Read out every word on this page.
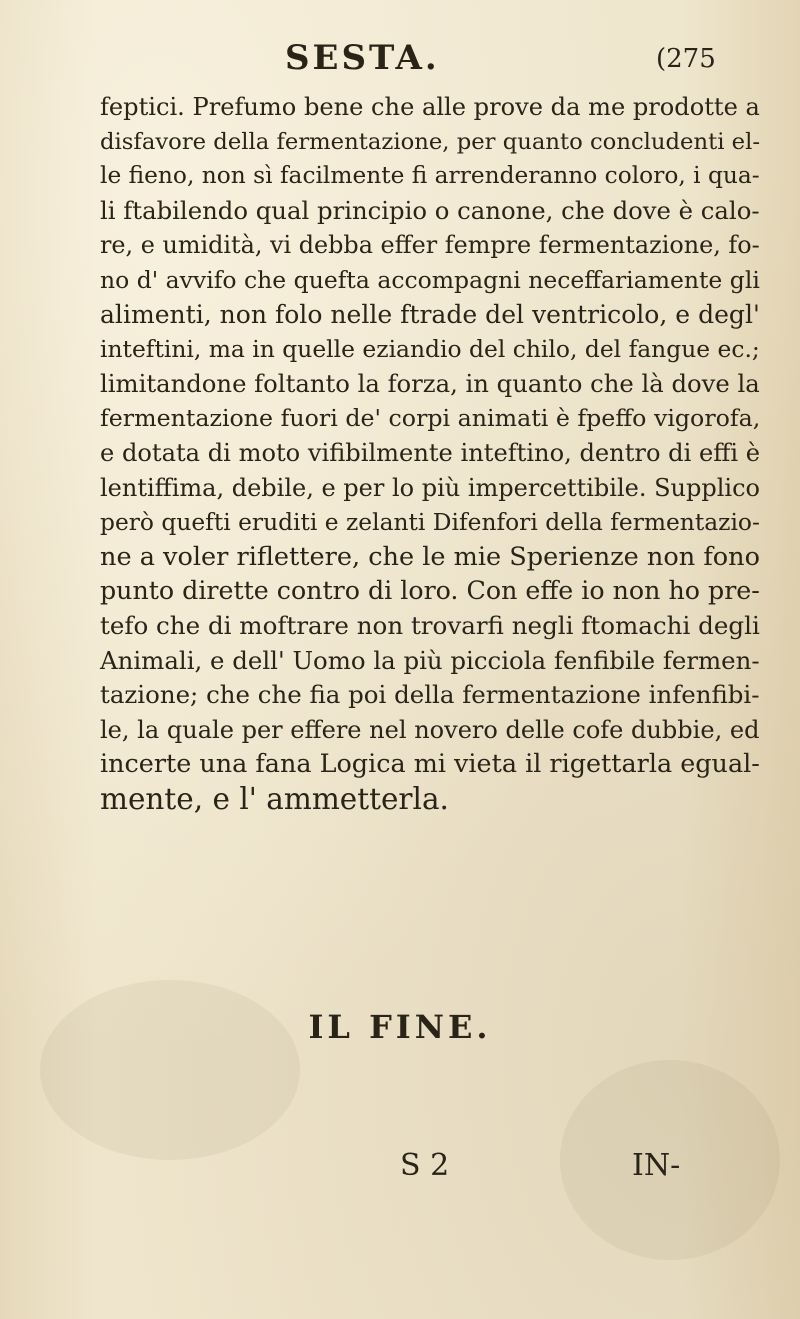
SESTA.	(275
feptici. Prefumo bene che alle prove da me prodotte a
disfavore della fermentazione, per quanto concludenti el-
le fieno, non sì facilmente fi arrenderanno coloro, i qua-
li ftabilendo qual principio o canone, che dove è calo-
re, e umidità, vi debba effer fempre fermentazione, fo-
no d' avvifo che quefta accompagni neceffariamente gli
alimenti, non folo nelle ftrade del ventricolo, e degl'
inteftini, ma in quelle eziandio del chilo, del fangue ec.;
limitandone foltanto la forza, in quanto che là dove la
fermentazione fuori de' corpi animati è fpeffo vigorofa,
e dotata di moto vifibilmente inteftino, dentro di effi è
lentiffima, debile, e per lo più impercettibile. Supplico
però quefti eruditi e zelanti Difenfori della fermentazio-
ne a voler riflettere, che le mie Sperienze non fono
punto dirette contro di loro. Con effe io non ho pre-
tefo che di moftrare non trovarfi negli ftomachi degli
Animali, e dell' Uomo la più picciola fenfibile fermen-
tazione; che che fia poi della fermentazione infenfibi-
le, la quale per effere nel novero delle cofe dubbie, ed
incerte una fana Logica mi vieta il rigettarla egual-
mente, e l' ammetterla.
IL FINE.
S 2	IN-
